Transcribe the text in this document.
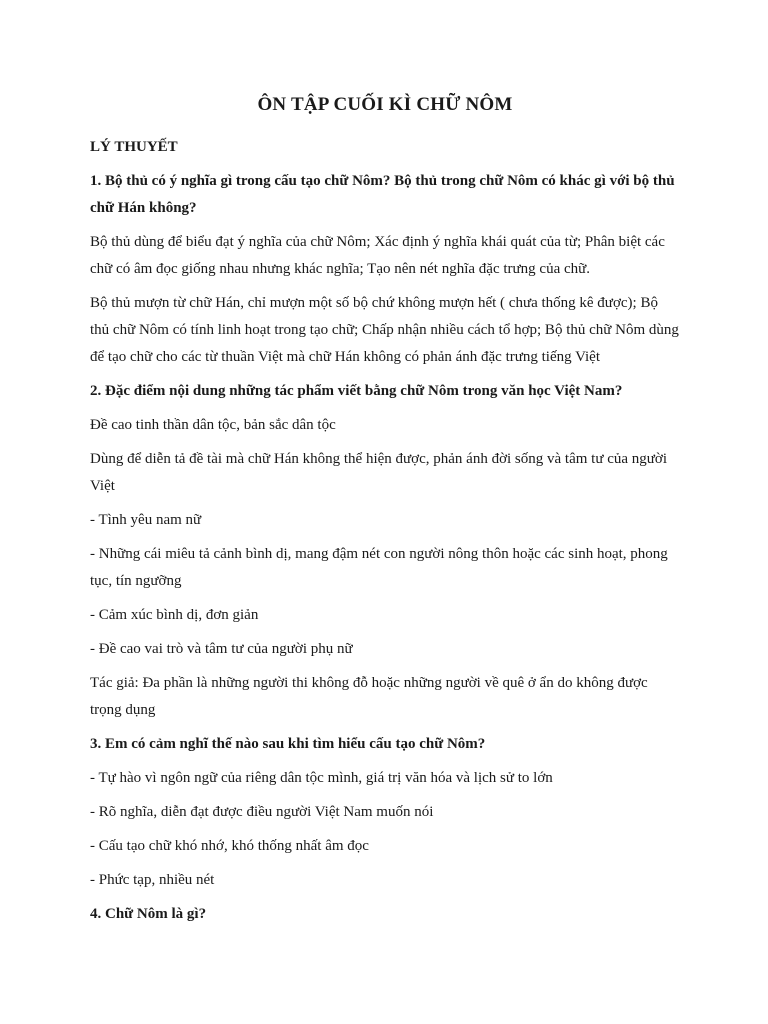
ÔN TẬP CUỐI KÌ CHỮ NÔM
LÝ THUYẾT
1. Bộ thủ có ý nghĩa gì trong cấu tạo chữ Nôm? Bộ thủ trong chữ Nôm có khác gì với bộ thủ chữ Hán không?
Bộ thủ dùng để biểu đạt ý nghĩa của chữ Nôm; Xác định ý nghĩa khái quát của từ; Phân biệt các chữ có âm đọc giống nhau nhưng khác nghĩa; Tạo nên nét nghĩa đặc trưng của chữ.
Bộ thủ mượn từ chữ Hán, chỉ mượn một số bộ chứ không mượn hết ( chưa thống kê được); Bộ thủ chữ Nôm có tính linh hoạt trong tạo chữ; Chấp nhận nhiều cách tổ hợp; Bộ thủ chữ Nôm dùng để tạo chữ cho các từ thuần Việt mà chữ Hán không có phản ánh đặc trưng tiếng Việt
2. Đặc điểm nội dung những tác phẩm viết bằng chữ Nôm trong văn học Việt Nam?
Đề cao tinh thần dân tộc, bản sắc dân tộc
Dùng để diễn tả đề tài mà chữ Hán không thể hiện được, phản ánh đời sống và tâm tư của người Việt
- Tình yêu nam nữ
- Những cái miêu tả cảnh bình dị, mang đậm nét con người nông thôn hoặc các sinh hoạt, phong tục, tín ngưỡng
- Cảm xúc bình dị, đơn giản
- Đề cao vai trò và tâm tư của người phụ nữ
Tác giả: Đa phần là những người thi không đỗ hoặc những người về quê ở ẩn do không được trọng dụng
3. Em có cảm nghĩ thế nào sau khi tìm hiểu cấu tạo chữ Nôm?
- Tự hào vì ngôn ngữ của riêng dân tộc mình, giá trị văn hóa và lịch sử to lớn
- Rõ nghĩa, diễn đạt được điều người Việt Nam muốn nói
- Cấu tạo chữ khó nhớ, khó thống nhất âm đọc
- Phức tạp, nhiều nét
4. Chữ Nôm là gì?
